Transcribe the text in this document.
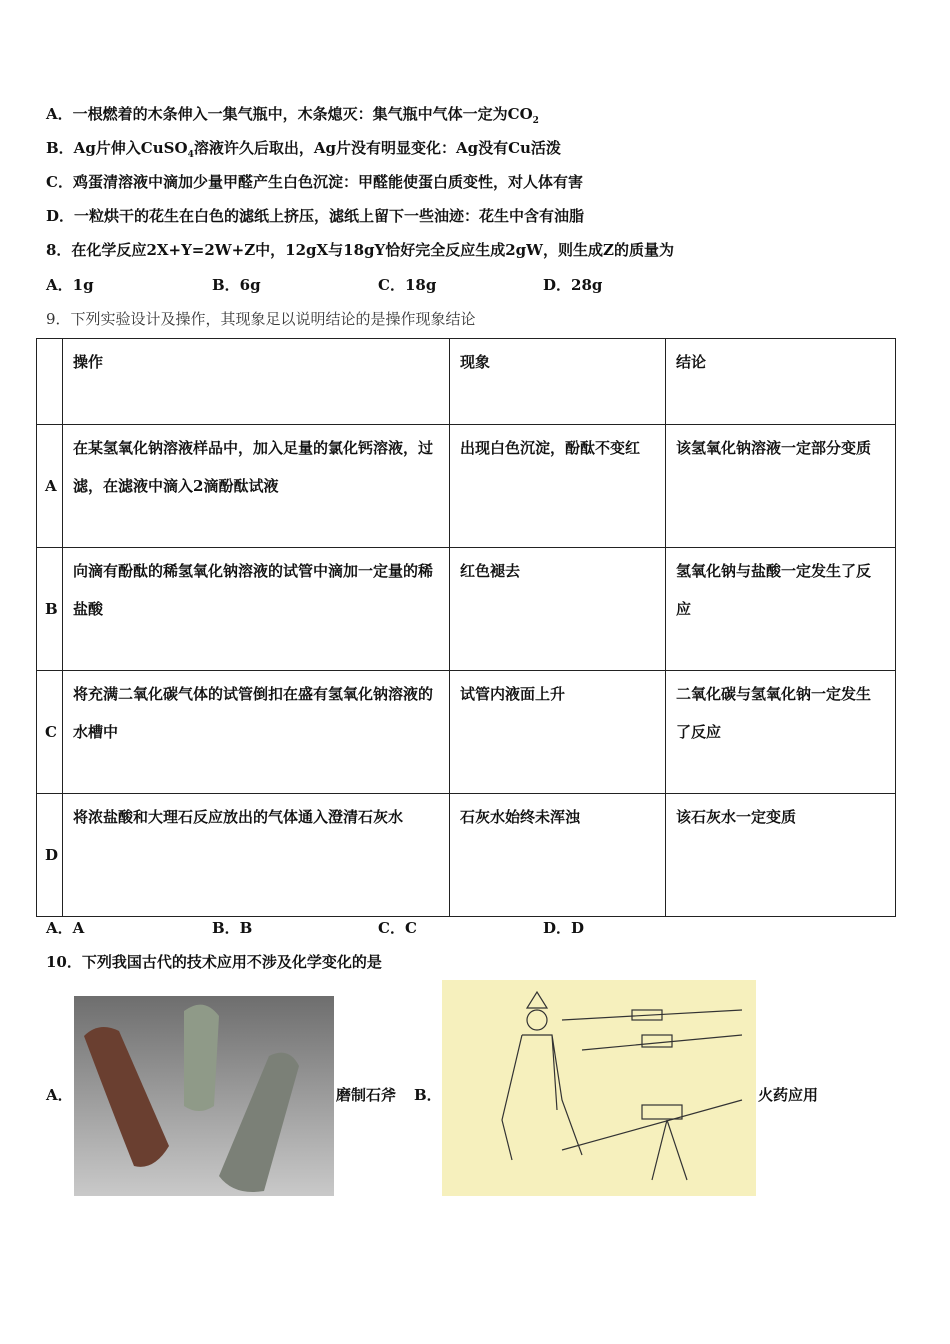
A．一根燃着的木条伸入一集气瓶中，木条熄灭：集气瓶中气体一定为$CO_2$
B．Ag片伸入CuSO$_4$溶液许久后取出，Ag片没有明显变化：Ag没有Cu活泼
C．鸡蛋清溶液中滴加少量甲醛产生白色沉淀：甲醛能使蛋白质变性，对人体有害
D．一粒烘干的花生在白色的滤纸上挤压，滤纸上留下一些油迹：花生中含有油脂
8．在化学反应2X+Y=2W+Z中，12gX与18gY恰好完全反应生成2gW，则生成Z的质量为
A．1g	B．6g	C．18g	D．28g
9．下列实验设计及操作，其现象足以说明结论的是操作现象结论
	操作	现象	结论
A	在某氢氧化钠溶液样品中，加入足量的氯化钙溶液，过滤，在滤液中滴入2滴酚酞试液	出现白色沉淀，酚酞不变红	该氢氧化钠溶液一定部分变质
B	向滴有酚酞的稀氢氧化钠溶液的试管中滴加一定量的稀盐酸	红色褪去	氢氧化钠与盐酸一定发生了反应
C	将充满二氧化碳气体的试管倒扣在盛有氢氧化钠溶液的水槽中	试管内液面上升	二氧化碳与氢氧化钠一定发生了反应
D	将浓盐酸和大理石反应放出的气体通入澄清石灰水	石灰水始终未浑浊	该石灰水一定变质
A．A	B．B	C．C	D．D
10．下列我国古代的技术应用不涉及化学变化的是
A．	磨制石斧 B．	火药应用
